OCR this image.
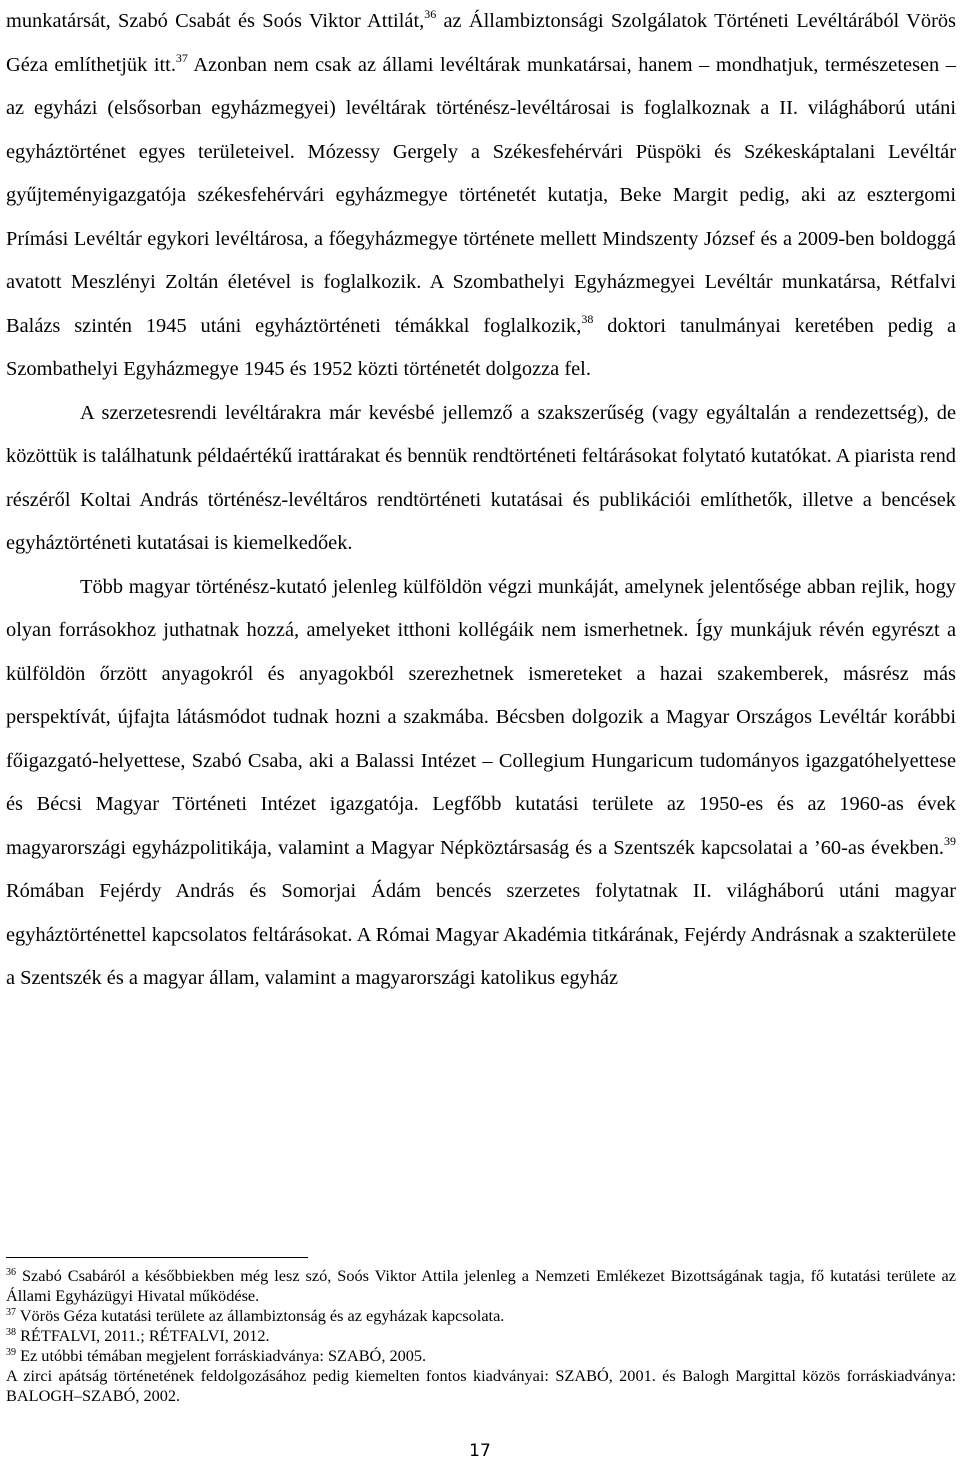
munkatársát, Szabó Csabát és Soós Viktor Attilát,$^{36}$ az Állambiztonsági Szolgálatok Történeti Levéltárából Vörös Géza említhetjük itt.$^{37}$ Azonban nem csak az állami levéltárak munkatársai, hanem – mondhatjuk, természetesen – az egyházi (elsősorban egyházmegyei) levéltárak történész-levéltárosai is foglalkoznak a II. világháború utáni egyháztörténet egyes területeivel. Mózessy Gergely a Székesfehérvári Püspöki és Székeskáptalani Levéltár gyűjteményigazgatója székesfehérvári egyházmegye történetét kutatja, Beke Margit pedig, aki az esztergomi Prímási Levéltár egykori levéltárosa, a főegyházmegye története mellett Mindszenty József és a 2009-ben boldoggá avatott Meszlényi Zoltán életével is foglalkozik. A Szombathelyi Egyházmegyei Levéltár munkatársa, Rétfalvi Balázs szintén 1945 utáni egyháztörténeti témákkal foglalkozik,$^{38}$ doktori tanulmányai keretében pedig a Szombathelyi Egyházmegye 1945 és 1952 közti történetét dolgozza fel.

A szerzetesrendi levéltárakra már kevésbé jellemző a szakszerűség (vagy egyáltalán a rendezettség), de közöttük is találhatunk példaértékű irattárakat és bennük rendtörténeti feltárásokat folytató kutatókat. A piarista rend részéről Koltai András történész-levéltáros rendtörténeti kutatásai és publikációi említhetők, illetve a bencések egyháztörténeti kutatásai is kiemelkedőek.

Több magyar történész-kutató jelenleg külföldön végzi munkáját, amelynek jelentősége abban rejlik, hogy olyan forrásokhoz juthatnak hozzá, amelyeket itthoni kollégáik nem ismerhetnek. Így munkájuk révén egyrészt a külföldön őrzött anyagokról és anyagokból szerezhetnek ismereteket a hazai szakemberek, másrész más perspektívát, újfajta látásmódot tudnak hozni a szakmába. Bécsben dolgozik a Magyar Országos Levéltár korábbi főigazgató-helyettese, Szabó Csaba, aki a Balassi Intézet – Collegium Hungaricum tudományos igazgatóhelyettese és Bécsi Magyar Történeti Intézet igazgatója. Legfőbb kutatási területe az 1950-es és az 1960-as évek magyarországi egyházpolitikája, valamint a Magyar Népköztársaság és a Szentszék kapcsolatai a ’60-as években.$^{39}$ Rómában Fejérdy András és Somorjai Ádám bencés szerzetes folytatnak II. világháború utáni magyar egyháztörténettel kapcsolatos feltárásokat. A Római Magyar Akadémia titkárának, Fejérdy Andrásnak a szakterülete a Szentszék és a magyar állam, valamint a magyarországi katolikus egyház

$^{36}$ Szabó Csabáról a későbbiekben még lesz szó, Soós Viktor Attila jelenleg a Nemzeti Emlékezet Bizottságának tagja, fő kutatási területe az Állami Egyházügyi Hivatal működése.

$^{37}$ Vörös Géza kutatási területe az állambiztonság és az egyházak kapcsolata.

$^{38}$ RÉTFALVI, 2011.; RÉTFALVI, 2012.

$^{39}$ Ez utóbbi témában megjelent forráskiadványa: SZABÓ, 2005.

A zirci apátság történetének feldolgozásához pedig kiemelten fontos kiadványai: SZABÓ, 2001. és Balogh Margittal közös forráskiadványa: BALOGH–SZABÓ, 2002.

17
